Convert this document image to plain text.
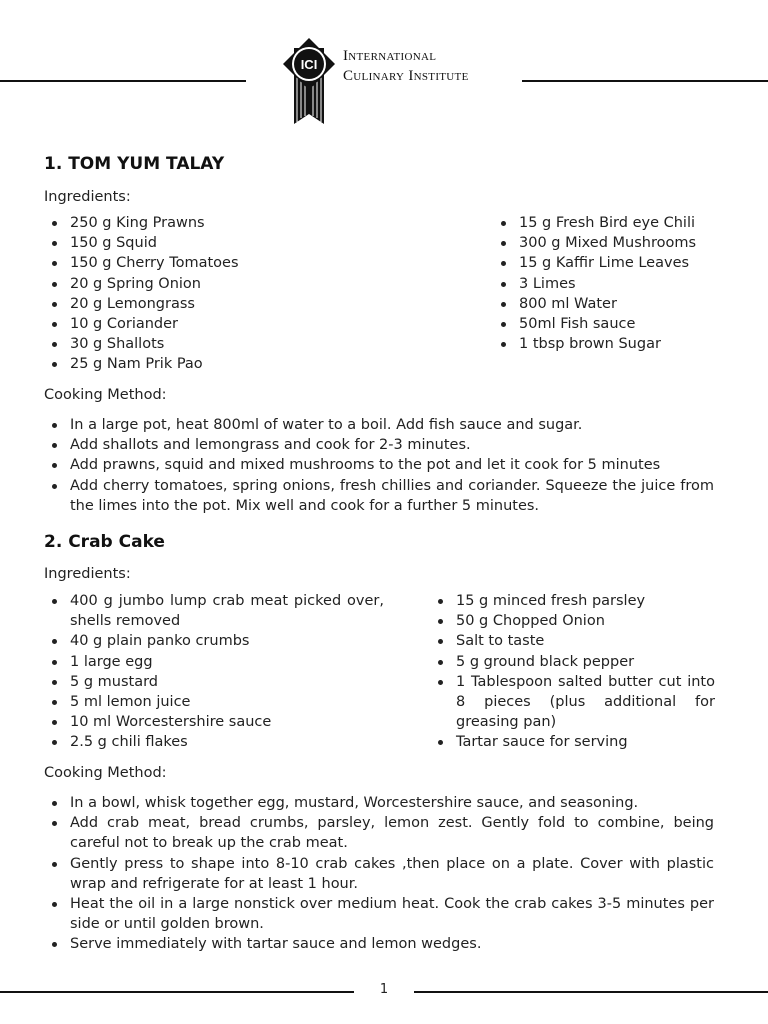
ICI
International
Culinary Institute
1. TOM YUM TALAY
Ingredients:
250 g King Prawns
150 g Squid
150 g Cherry Tomatoes
20 g Spring Onion
20 g Lemongrass
10 g Coriander
30 g Shallots
25 g Nam Prik Pao
15 g Fresh Bird eye Chili
300 g Mixed Mushrooms
15 g Kaffir Lime Leaves
3 Limes
800 ml Water
50ml Fish sauce
1 tbsp brown Sugar
Cooking Method:
In a large pot, heat 800ml of water to a boil. Add fish sauce and sugar.
Add shallots and lemongrass and cook for 2-3 minutes.
Add prawns, squid and mixed mushrooms to the pot and let it cook for 5 minutes
Add cherry tomatoes, spring onions, fresh chillies and coriander. Squeeze the juice from the limes into the pot. Mix well and cook for a further 5 minutes.
2. Crab Cake
Ingredients:
400 g jumbo lump crab meat picked over, shells removed
40 g plain panko crumbs
1 large egg
5 g mustard
5 ml lemon juice
10 ml Worcestershire sauce
2.5 g chili flakes
15 g minced fresh parsley
50 g Chopped Onion
Salt to taste
5 g ground black pepper
1 Tablespoon salted butter cut into 8 pieces (plus additional for greasing pan)
Tartar sauce for serving
Cooking Method:
In a bowl, whisk together egg, mustard, Worcestershire sauce, and seasoning.
Add crab meat, bread crumbs, parsley, lemon zest. Gently fold to combine, being careful not to break up the crab meat.
Gently press to shape into 8-10 crab cakes ,then place on a plate. Cover with plastic wrap and refrigerate for at least 1 hour.
Heat the oil in a large nonstick over medium heat. Cook the crab cakes 3-5 minutes per side or until golden brown.
Serve immediately with tartar sauce and lemon wedges.
1
